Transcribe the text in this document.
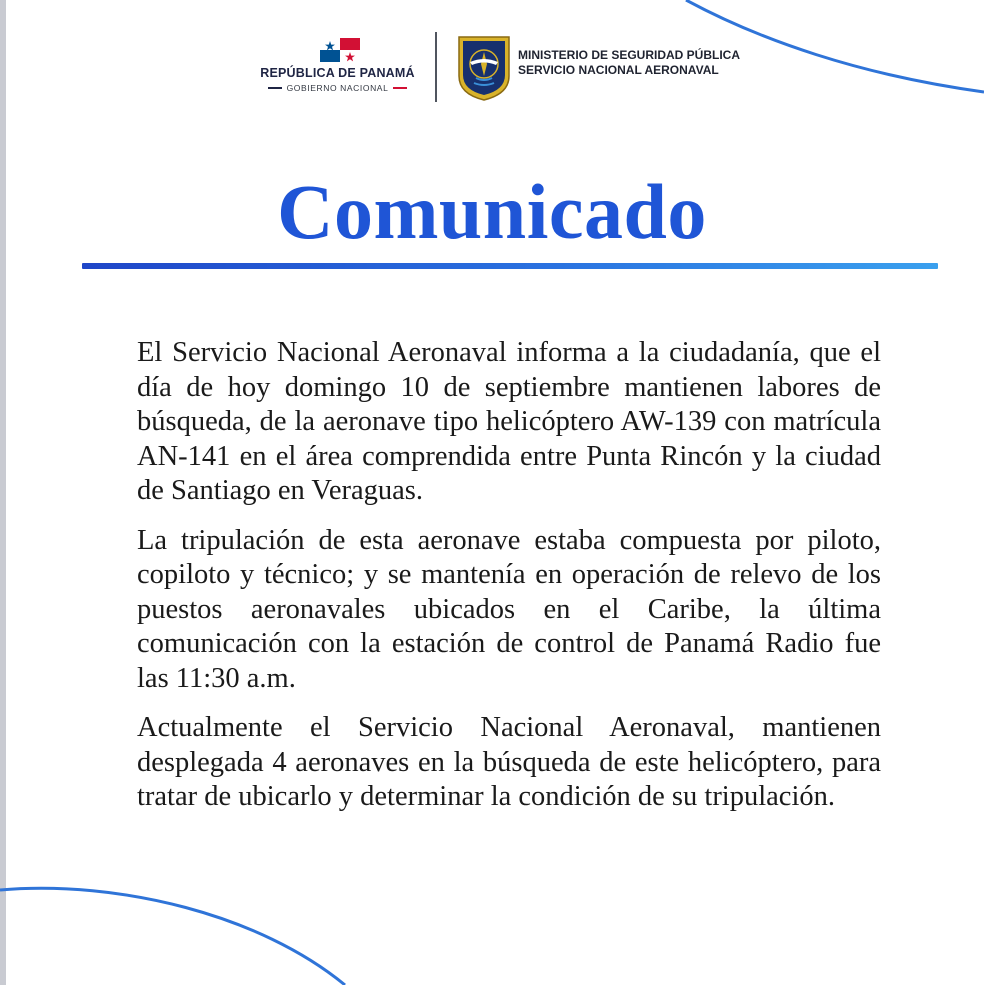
REPÚBLICA DE PANAMÁ
GOBIERNO NACIONAL
MINISTERIO DE SEGURIDAD PÚBLICA
SERVICIO NACIONAL AERONAVAL
Comunicado

El Servicio Nacional Aeronaval informa a la ciudadanía, que el día de hoy domingo 10 de septiembre mantienen labores de búsqueda, de la aeronave tipo helicóptero AW-139 con matrícula AN-141 en el área comprendida entre Punta Rincón y la ciudad de Santiago en Veraguas.

La tripulación de esta aeronave estaba compuesta por piloto, copiloto y técnico; y se mantenía en operación de relevo de los puestos aeronavales ubicados en el Caribe, la última comunicación con la estación de control de Panamá Radio fue las 11:30 a.m.

Actualmente el Servicio Nacional Aeronaval, mantienen desplegada 4 aeronaves en la búsqueda de este helicóptero, para tratar de ubicarlo y determinar la condición de su tripulación.
